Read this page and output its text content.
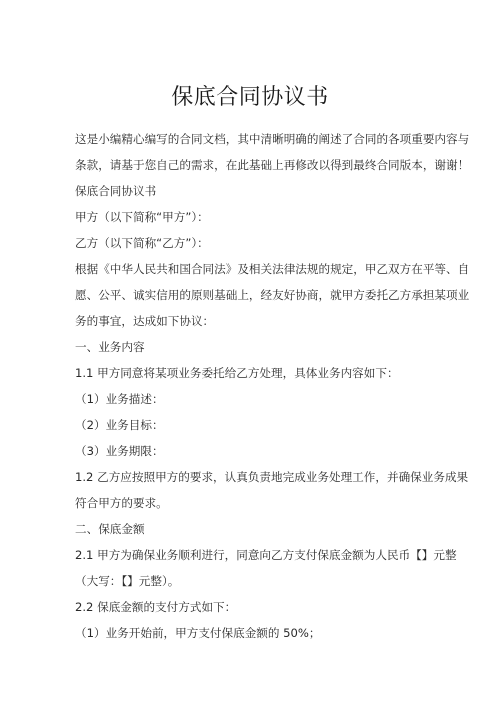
保底合同协议书
这是小编精心编写的合同文档，其中清晰明确的阐述了合同的各项重要内容与
条款，请基于您自己的需求，在此基础上再修改以得到最终合同版本，谢谢！
保底合同协议书
甲方（以下简称“甲方”）：
乙方（以下简称“乙方”）：
根据《中华人民共和国合同法》及相关法律法规的规定，甲乙双方在平等、自
愿、公平、诚实信用的原则基础上，经友好协商，就甲方委托乙方承担某项业
务的事宜，达成如下协议：
一、业务内容
1.1 甲方同意将某项业务委托给乙方处理，具体业务内容如下：
（1）业务描述：
（2）业务目标：
（3）业务期限：
1.2 乙方应按照甲方的要求，认真负责地完成业务处理工作，并确保业务成果
符合甲方的要求。
二、保底金额
2.1 甲方为确保业务顺利进行，同意向乙方支付保底金额为人民币【】元整
（大写：【】元整）。
2.2 保底金额的支付方式如下：
（1）业务开始前，甲方支付保底金额的 50%；
